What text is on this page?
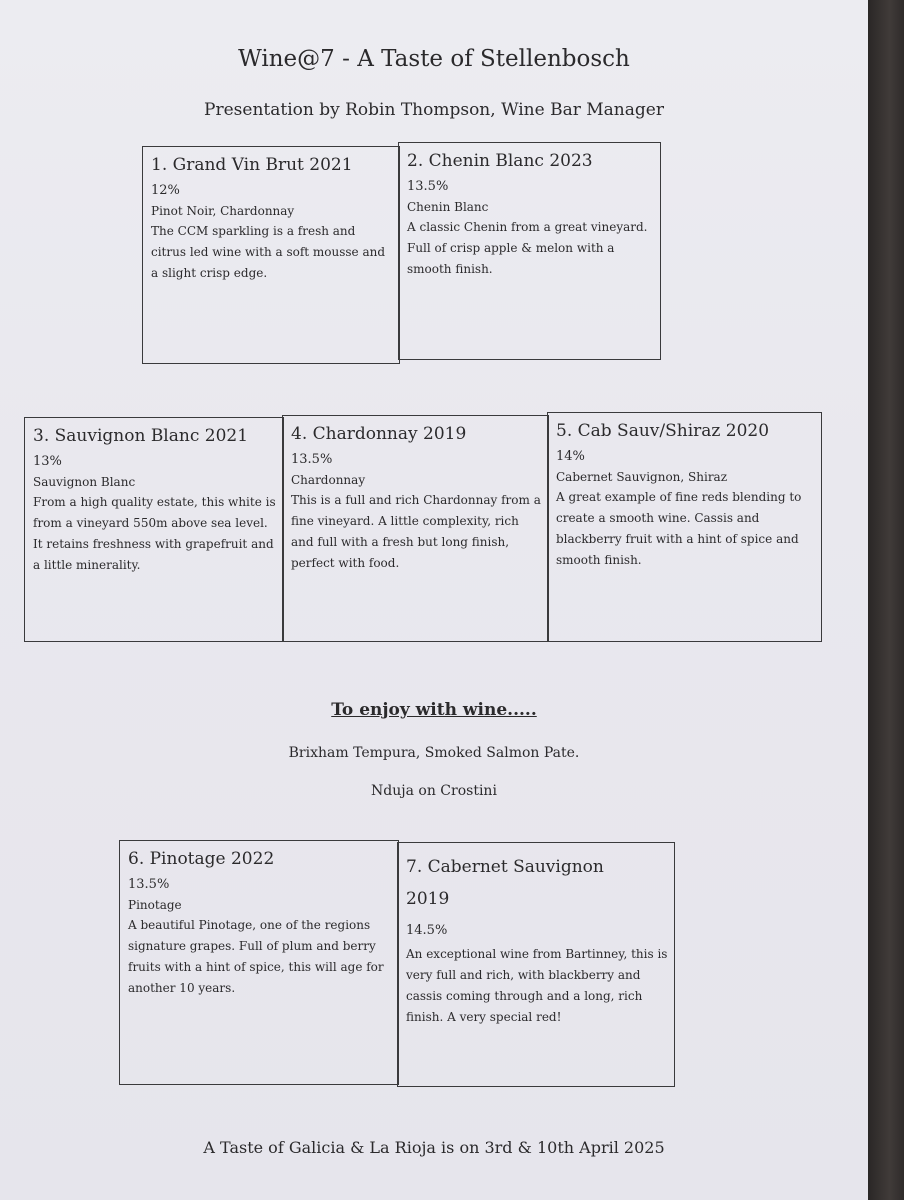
Wine@7 - A Taste of Stellenbosch
Presentation by Robin Thompson, Wine Bar Manager
1. Grand Vin Brut 2021
12%
Pinot Noir, Chardonnay
The CCM sparkling is a fresh and citrus led wine with a soft mousse and a slight crisp edge.
2. Chenin Blanc 2023
13.5%
Chenin Blanc
A classic Chenin from a great vineyard. Full of crisp apple & melon with a smooth finish.
3. Sauvignon Blanc 2021
13%
Sauvignon Blanc
From a high quality estate, this white is from a vineyard 550m above sea level. It retains freshness with grapefruit and a little minerality.
4. Chardonnay 2019
13.5%
Chardonnay
This is a full and rich Chardonnay from a fine vineyard. A little complexity, rich and full with a fresh but long finish, perfect with food.
5. Cab Sauv/Shiraz 2020
14%
Cabernet Sauvignon, Shiraz
A great example of fine reds blending to create a smooth wine. Cassis and blackberry fruit with a hint of spice and smooth finish.
To enjoy with wine.....
Brixham Tempura, Smoked Salmon Pate.
Nduja on Crostini
6. Pinotage 2022
13.5%
Pinotage
A beautiful Pinotage, one of the regions signature grapes. Full of plum and berry fruits with a hint of spice, this will age for another 10 years.
7. Cabernet Sauvignon 2019
14.5%
An exceptional wine from Bartinney, this is very full and rich, with blackberry and cassis coming through and a long, rich finish. A very special red!
A Taste of Galicia & La Rioja is on 3rd & 10th April 2025
